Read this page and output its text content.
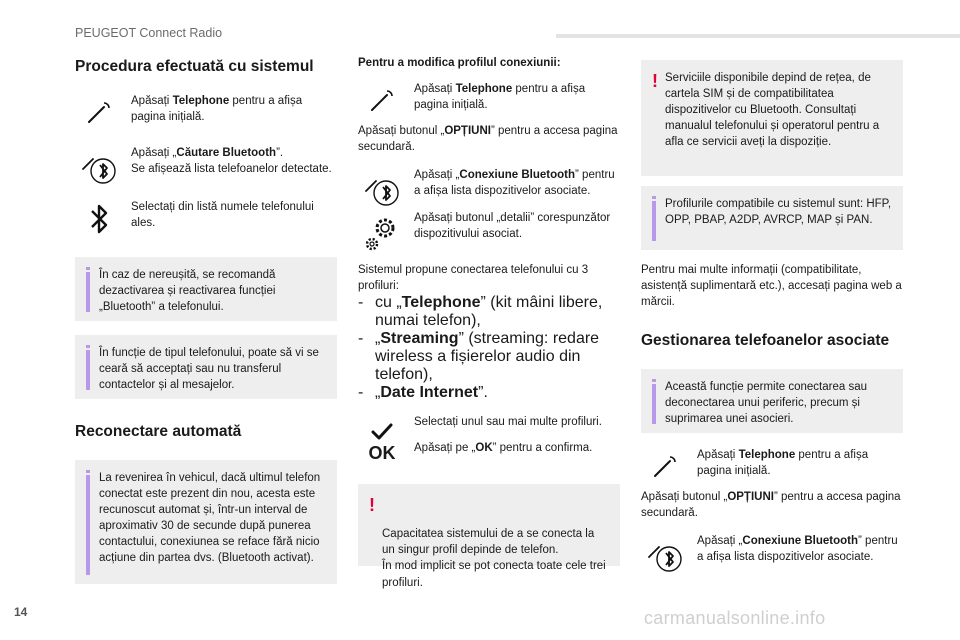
PEUGEOT Connect Radio
Procedura efectuată cu sistemul

Apăsați Telephone pentru a afișa pagina inițială.

Apăsați „Căutare Bluetooth”.

Se afișează lista telefoanelor detectate.

Selectați din listă numele telefonului ales.

În caz de nereușită, se recomandă dezactivarea și reactivarea funcției „Bluetooth” a telefonului.

În funcție de tipul telefonului, poate să vi se ceară să acceptați sau nu transferul contactelor și al mesajelor.

Reconectare automată

La revenirea în vehicul, dacă ultimul telefon conectat este prezent din nou, acesta este recunoscut automat și, într-un interval de aproximativ 30 de secunde după punerea contactului, conexiunea se reface fără nicio acțiune din partea dvs. (Bluetooth activat).

Pentru a modifica profilul conexiunii:

Apăsați Telephone pentru a afișa pagina inițială.

Apăsați butonul „OPȚIUNI” pentru a accesa pagina secundară.

Apăsați „Conexiune Bluetooth” pentru a afișa lista dispozitivelor asociate.

Apăsați butonul „detalii” corespunzător dispozitivului asociat.

Sistemul propune conectarea telefonului cu 3 profiluri:

- cu „Telephone” (kit mâini libere, numai telefon),
- „Streaming” (streaming: redare wireless a fișierelor audio din telefon),
- „Date Internet”.

Selectați unul sau mai multe profiluri.

OK Apăsați pe „OK” pentru a confirma.

!

Capacitatea sistemului de a se conecta la un singur profil depinde de telefon.
În mod implicit se pot conecta toate cele trei profiluri.

! Serviciile disponibile depind de rețea, de cartela SIM și de compatibilitatea dispozitivelor cu Bluetooth. Consultați manualul telefonului și operatorul pentru a afla ce servicii aveți la dispoziție.

Profilurile compatibile cu sistemul sunt: HFP, OPP, PBAP, A2DP, AVRCP, MAP și PAN.

Pentru mai multe informații (compatibilitate, asistență suplimentară etc.), accesați pagina web a mărcii.

Gestionarea telefoanelor asociate

Această funcție permite conectarea sau deconectarea unui periferic, precum și suprimarea unei asocieri.

Apăsați Telephone pentru a afișa pagina inițială.

Apăsați butonul „OPȚIUNI” pentru a accesa pagina secundară.

Apăsați „Conexiune Bluetooth” pentru a afișa lista dispozitivelor asociate.

14	carmanualsonline.info
